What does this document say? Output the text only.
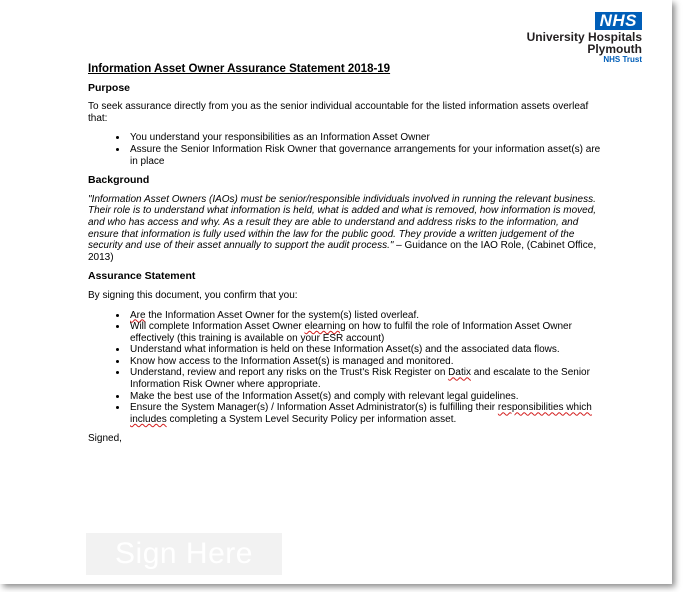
NHS
University Hospitals
Plymouth
NHS Trust
Information Asset Owner Assurance Statement 2018-19
Purpose

To seek assurance directly from you as the senior individual accountable for the listed information assets overleaf that:

• You understand your responsibilities as an Information Asset Owner
• Assure the Senior Information Risk Owner that governance arrangements for your information asset(s) are in place
Background

"Information Asset Owners (IAOs) must be senior/responsible individuals involved in running the relevant business. Their role is to understand what information is held, what is added and what is removed, how information is moved, and who has access and why. As a result they are able to understand and address risks to the information, and ensure that information is fully used within the law for the public good. They provide a written judgement of the security and use of their asset annually to support the audit process." – Guidance on the IAO Role, (Cabinet Office, 2013)

Assurance Statement

By signing this document, you confirm that you:

• Are the Information Asset Owner for the system(s) listed overleaf.
• Will complete Information Asset Owner elearning on how to fulfil the role of Information Asset Owner effectively (this training is available on your ESR account)
• Understand what information is held on these Information Asset(s) and the associated data flows.
• Know how access to the Information Asset(s) is managed and monitored.
• Understand, review and report any risks on the Trust's Risk Register on Datix and escalate to the Senior Information Risk Owner where appropriate.
• Make the best use of the Information Asset(s) and comply with relevant legal guidelines.
• Ensure the System Manager(s) / Information Asset Administrator(s) is fulfilling their responsibilities which includes completing a System Level Security Policy per information asset.

Signed,

Sign Here
